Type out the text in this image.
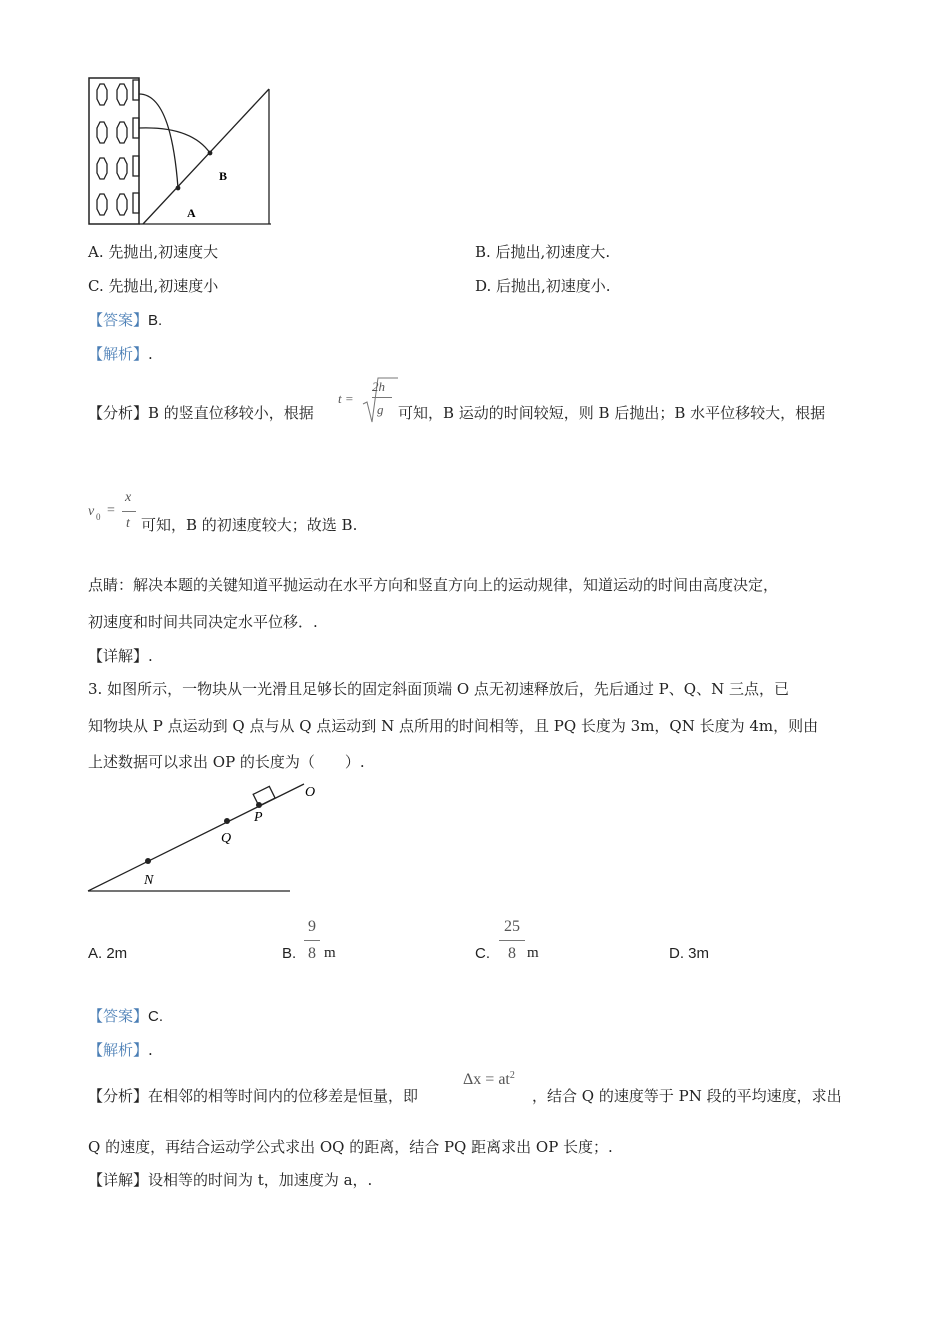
A
B
A. 先抛出,初速度大	B. 后抛出,初速度大.
C. 先抛出,初速度小	D. 后抛出,初速度小.
【答案】B.
【解析】.
【分析】B 的竖直位移较小，根据
t =
2h
g 可知，B 运动的时间较短，则 B 后抛出；B 水平位移较大，根据
v 0 =
x
t 可知，B 的初速度较大；故选 B.
点睛：解决本题的关键知道平抛运动在水平方向和竖直方向上的运动规律，知道运动的时间由高度决定，
初速度和时间共同决定水平位移．.
【详解】.
3. 如图所示，一物块从一光滑且足够长的固定斜面顶端 O 点无初速释放后，先后通过 P、Q、N 三点，已
知物块从 P 点运动到 Q 点与从 Q 点运动到 N 点所用的时间相等，且 PQ 长度为 3m，QN 长度为 4m，则由
上述数据可以求出 OP 的长度为（　　）.
O
P
Q
N
A. 2m	B.
9
8 m	C.
25
8 m	D. 3m
【答案】C.
【解析】.
【分析】在相邻的相等时间内的位移差是恒量，即
$\Delta x = at^2$
，结合 Q 的速度等于 PN 段的平均速度，求出
Q 的速度，再结合运动学公式求出 OQ 的距离，结合 PQ 距离求出 OP 长度；.
【详解】设相等的时间为 t，加速度为 a，.
